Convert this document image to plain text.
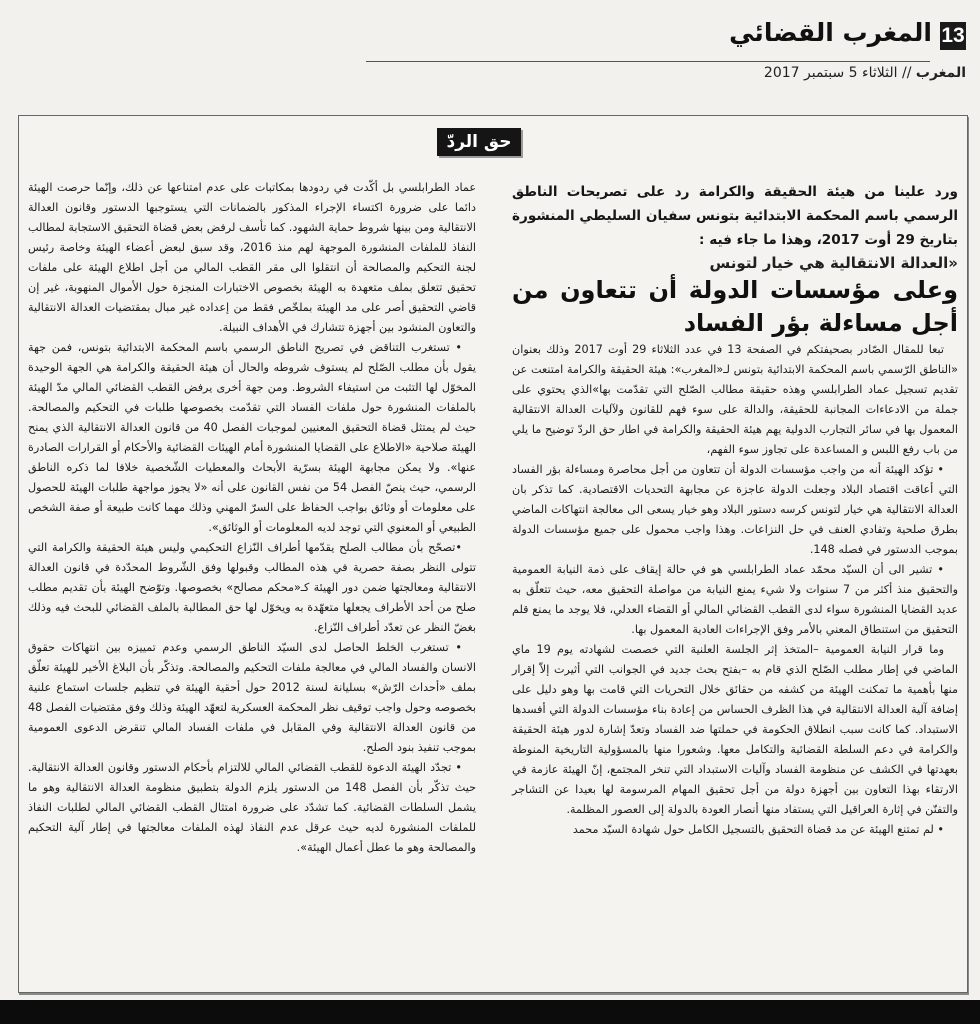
13
المغرب القضائي
المغرب // الثلاثاء 5 سبتمبر 2017
حق الردّ

ورد علينا من هيئة الحقيقة والكرامة رد على تصريحات الناطق الرسمي باسم المحكمة الابتدائية بتونس سفيان السليطي المنشورة بتاريخ 29 أوت 2017، وهذا ما جاء فيه :

«العدالة الانتقالية هي خيار لتونس

وعلى مؤسسات الدولة أن تتعاون من أجل مساءلة بؤر الفساد

تبعا للمقال الصّادر بصحيفتكم في الصفحة 13 في عدد الثلاثاء 29 أوت 2017 وذلك بعنوان «الناطق الرّسمي باسم المحكمة الابتدائية بتونس لـ«المغرب»: هيئة الحقيقة والكرامة امتنعت عن تقديم تسجيل عماد الطرابلسي وهذه حقيقة مطالب الصّلح التي تقدّمت بها»الذي يحتوي على جملة من الادعاءات المجانبة للحقيقة، والدالة على سوء فهم للقانون ولآليات العدالة الانتقالية المعمول بها في سائر التجارب الدولية يهم هيئة الحقيقة والكرامة في اطار حق الردّ توضيح ما يلي من باب رفع اللبس و المساعدة على تجاوز سوء الفهم،

• تؤكد الهيئة أنه من واجب مؤسسات الدولة أن تتعاون من أجل محاصرة ومساءلة بؤر الفساد التي أعاقت اقتصاد البلاد وجعلت الدولة عاجزة عن مجابهة التحديات الاقتصادية. كما تذكر بان العدالة الانتقالية هي خيار لتونس كرسه دستور البلاد وهو خيار يسعى الى معالجة انتهاكات الماضي بطرق صلحية وتفادي العنف في حل النزاعات. وهذا واجب محمول على جميع مؤسسات الدولة بموجب الدستور في فصله 148.

• تشير الى أن السيّد محمّد عماد الطرابلسي هو في حالة إيقاف على ذمة النيابة العمومية والتحقيق منذ أكثر من 7 سنوات ولا شيء يمنع النيابة من مواصلة التحقيق معه، حيث تتعلّق به عديد القضايا المنشورة سواء لدى القطب القضائي المالي أو القضاء العدلي، فلا يوجد ما يمنع قلم التحقيق من استنطاق المعني بالأمر وفق الإجراءات العادية المعمول بها.

وما قرار النيابة العمومية –المتخذ إثر الجلسة العلنية التي خصصت لشهادته يوم 19 ماي الماضي في إطار مطلب الصّلح الذي قام به –بفتح بحث جديد في الجوانب التي أثيرت إلاّ إقرار منها بأهمية ما تمكنت الهيئة من كشفه من حقائق خلال التحريات التي قامت بها وهو دليل على إضافة آلية العدالة الانتقالية في هذا الظرف الحساس من إعادة بناء مؤسسات الدولة التي أفسدها الاستبداد. كما كانت سبب انطلاق الحكومة في حملتها ضد الفساد وتعدّ إشارة لدور هيئة الحقيقة والكرامة في دعم السلطة القضائية والتكامل معها. وشعورا منها بالمسؤولية التاريخية المنوطة بعهدتها في الكشف عن منظومة الفساد وآليات الاستبداد التي تنخر المجتمع، إنّ الهيئة عازمة في الارتقاء بهذا التعاون بين أجهزة دولة من أجل تحقيق المهام المرسومة لها بعيدا عن التشاجر والتفنّن في إثارة العراقيل التي يستفاد منها أنصار العودة بالدولة إلى العصور المظلمة.

• لم تمتنع الهيئة عن مد قضاة التحقيق بالتسجيل الكامل حول شهادة السيّد محمد

عماد الطرابلسي بل أكّدت في ردودها بمكاتبات على عدم امتناعها عن ذلك، وإنّما حرصت الهيئة دائما على ضرورة اكتساء الإجراء المذكور بالضمانات التي يستوجبها الدستور وقانون العدالة الانتقالية ومن بينها شروط حماية الشهود. كما تأسف لرفض بعض قضاة التحقيق الاستجابة لمطالب النفاذ للملفات المنشورة الموجهة لهم منذ 2016، وقد سبق لبعض أعضاء الهيئة وخاصة رئيس لجنة التحكيم والمصالحة أن انتقلوا الى مقر القطب المالي من أجل اطلاع الهيئة على ملفات تحقيق تتعلق بملف متعهدة به الهيئة بخصوص الاختبارات المنجزة حول الأموال المنهوبة، غير إن قاضي التحقيق أصر على مد الهيئة بملخّص فقط من إعداده غير مبال بمقتضيات العدالة الانتقالية والتعاون المنشود بين أجهزة تتشارك في الأهداف النبيلة.

• تستغرب التناقض في تصريح الناطق الرسمي باسم المحكمة الابتدائية بتونس، فمن جهة يقول بأن مطلب الصّلح لم يستوف شروطه والحال أن هيئة الحقيقة والكرامة هي الجهة الوحيدة المخوّل لها التثبت من استيفاء الشروط. ومن جهة أخرى يرفض القطب القضائي المالي مدّ الهيئة بالملفات المنشورة حول ملفات الفساد التي تقدّمت بخصوصها طلبات في التحكيم والمصالحة. حيث لم يمتثل قضاة التحقيق المعنيين لموجبات الفصل 40 من قانون العدالة الانتقالية الذي يمنح الهيئة صلاحية «الاطلاع على القضايا المنشورة أمام الهيئات القضائية والأحكام أو القرارات الصادرة عنها». ولا يمكن مجابهة الهيئة بسرّية الأبحاث والمعطيات الشّخصية خلافا لما ذكره الناطق الرسمي، حيث ينصّ الفصل 54 من نفس القانون على أنه «لا يجوز مواجهة طلبات الهيئة للحصول على معلومات أو وثائق بواجب الحفاظ على السرّ المهني وذلك مهما كانت طبيعة أو صفة الشخص الطبيعي أو المعنوي التي توجد لديه المعلومات أو الوثائق».

•تصحّح بأن مطالب الصلح يقدّمها أطراف النّزاع التحكيمي وليس هيئة الحقيقة والكرامة التي تتولى النظر بصفة حصرية في هذه المطالب وقبولها وفق الشّروط المحدّدة في قانون العدالة الانتقالية ومعالجتها ضمن دور الهيئة كـ«محكم مصالح» بخصوصها. وتوّضح الهيئة بأن تقديم مطلب صلح من أحد الأطراف يجعلها متعهّدة به ويخوّل لها حق المطالبة بالملف القضائي للبحث فيه وذلك بغضّ النظر عن تعدّد أطراف النّزاع.

• تستغرب الخلط الحاصل لدى السيّد الناطق الرسمي وعدم تمييزه بين انتهاكات حقوق الانسان والفساد المالي في معالجة ملفات التحكيم والمصالحة. وتذكّر بأن البلاغ الأخير للهيئة تعلّق بملف «أحداث الرّش» بسليانة لسنة 2012 حول أحقية الهيئة في تنظيم جلسات استماع علنية بخصوصه وحول واجب توقيف نظر المحكمة العسكرية لتعهّد الهيئة وذلك وفق مقتضيات الفصل 48 من قانون العدالة الانتقالية وفي المقابل في ملفات الفساد المالي تنقرض الدعوى العمومية بموجب تنفيذ بنود الصلح.

• تجدّد الهيئة الدعوة للقطب القضائي المالي للالتزام بأحكام الدستور وقانون العدالة الانتقالية. حيث تذكّر بأن الفصل 148 من الدستور يلزم الدولة بتطبيق منظومة العدالة الانتقالية وهو ما يشمل السلطات القضائية. كما تشدّد على ضرورة امتثال القطب القضائي المالي لطلبات النفاذ للملفات المنشورة لديه حيث عرقل عدم النفاذ لهذه الملفات معالجتها في إطار آلية التحكيم والمصالحة وهو ما عطل أعمال الهيئة».
